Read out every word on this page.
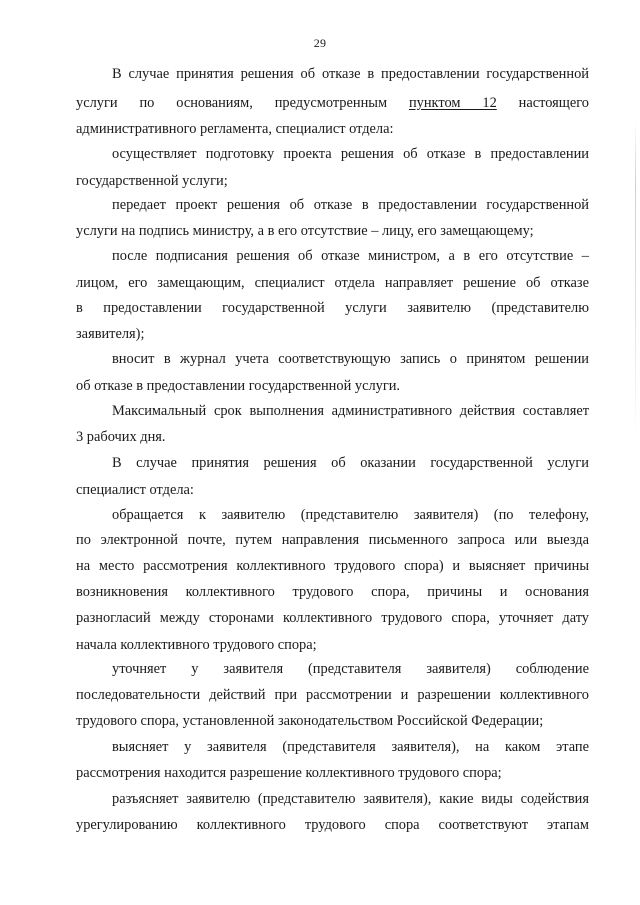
29
В случае принятия решения об отказе в предоставлении государственной
услуги по основаниям, предусмотренным пунктом 12 настоящего
административного регламента, специалист отдела:
осуществляет подготовку проекта решения об отказе в предоставлении
государственной услуги;
передает проект решения об отказе в предоставлении государственной
услуги на подпись министру, а в его отсутствие – лицу, его замещающему;
после подписания решения об отказе министром, а в его отсутствие –
лицом, его замещающим, специалист отдела направляет решение об отказе
в предоставлении государственной услуги заявителю (представителю
заявителя);
вносит в журнал учета соответствующую запись о принятом решении
об отказе в предоставлении государственной услуги.
Максимальный срок выполнения административного действия составляет
3 рабочих дня.
В случае принятия решения об оказании государственной услуги
специалист отдела:
обращается к заявителю (представителю заявителя) (по телефону,
по электронной почте, путем направления письменного запроса или выезда
на место рассмотрения коллективного трудового спора) и выясняет причины
возникновения коллективного трудового спора, причины и основания
разногласий между сторонами коллективного трудового спора, уточняет дату
начала коллективного трудового спора;
уточняет у заявителя (представителя заявителя) соблюдение
последовательности действий при рассмотрении и разрешении коллективного
трудового спора, установленной законодательством Российской Федерации;
выясняет у заявителя (представителя заявителя), на каком этапе
рассмотрения находится разрешение коллективного трудового спора;
разъясняет заявителю (представителю заявителя), какие виды содействия
урегулированию коллективного трудового спора соответствуют этапам
